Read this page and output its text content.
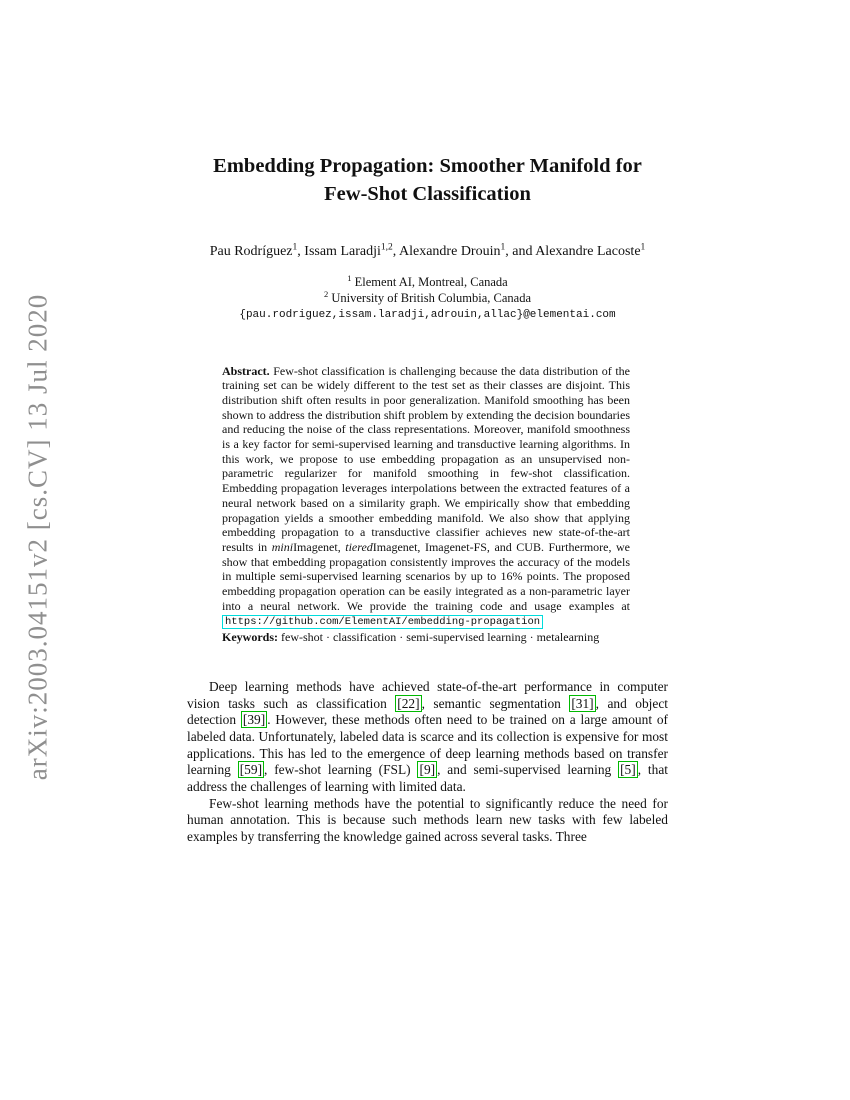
arXiv:2003.04151v2 [cs.CV] 13 Jul 2020
Embedding Propagation: Smoother Manifold for
Few-Shot Classification
Pau Rodríguez$^1$, Issam Laradji$^{1,2}$, Alexandre Drouin$^1$, and Alexandre Lacoste$^1$
$^1$ Element AI, Montreal, Canada
$^2$ University of British Columbia, Canada
{pau.rodriguez,issam.laradji,adrouin,allac}@elementai.com

Abstract. Few-shot classification is challenging because the data distribution of the training set can be widely different to the test set as their classes are disjoint. This distribution shift often results in poor generalization. Manifold smoothing has been shown to address the distribution shift problem by extending the decision boundaries and reducing the noise of the class representations. Moreover, manifold smoothness is a key factor for semi-supervised learning and transductive learning algorithms. In this work, we propose to use embedding propagation as an unsupervised non-parametric regularizer for manifold smoothing in few-shot classification. Embedding propagation leverages interpolations between the extracted features of a neural network based on a similarity graph. We empirically show that embedding propagation yields a smoother embedding manifold. We also show that applying embedding propagation to a transductive classifier achieves new state-of-the-art results in miniImagenet, tieredImagenet, Imagenet-FS, and CUB. Furthermore, we show that embedding propagation consistently improves the accuracy of the models in multiple semi-supervised learning scenarios by up to 16% points. The proposed embedding propagation operation can be easily integrated as a non-parametric layer into a neural network. We provide the training code and usage examples at https://github.com/ElementAI/embedding-propagation

Keywords: few-shot · classification · semi-supervised learning · metalearning

Deep learning methods have achieved state-of-the-art performance in computer vision tasks such as classification [22] , semantic segmentation [31] , and object detection [39] . However, these methods often need to be trained on a large amount of labeled data. Unfortunately, labeled data is scarce and its collection is expensive for most applications. This has led to the emergence of deep learning methods based on transfer learning [59] , few-shot learning (FSL) [9] , and semi-supervised learning [5] , that address the challenges of learning with limited data.

Few-shot learning methods have the potential to significantly reduce the need for human annotation. This is because such methods learn new tasks with few labeled examples by transferring the knowledge gained across several tasks. Three
